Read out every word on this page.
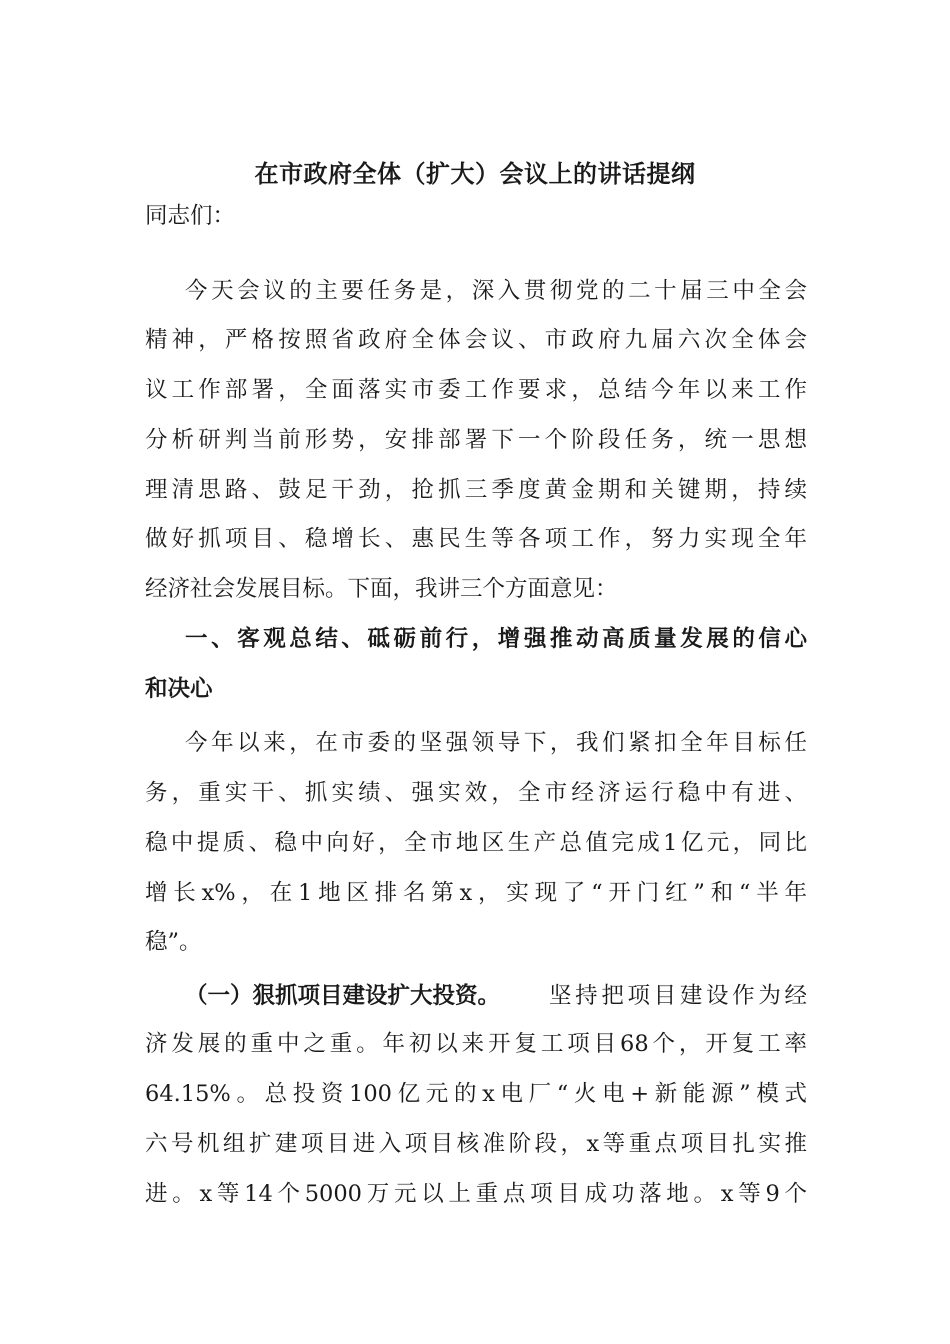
在市政府全体（扩大）会议上的讲话提纲
同志们：
今天会议的主要任务是，深入贯彻党的二十届三中全会
精神，严格按照省政府全体会议、市政府九届六次全体会
议工作部署，全面落实市委工作要求，总结今年以来工作
分析研判当前形势，安排部署下一个阶段任务，统一思想
理清思路、鼓足干劲，抢抓三季度黄金期和关键期，持续
做好抓项目、稳增长、惠民生等各项工作，努力实现全年
经济社会发展目标。下面，我讲三个方面意见：
一、客观总结、砥砺前行，增强推动高质量发展的信心
和决心
今年以来，在市委的坚强领导下，我们紧扣全年目标任
务，重实干、抓实绩、强实效，全市经济运行稳中有进、
稳中提质、稳中向好，全市地区生产总值完成1亿元，同比
增长x%，在1地区排名第x，实现了“开门红”和“半年
稳”。
（一）狠抓项目建设扩大投资。	坚持把项目建设作为经
济发展的重中之重。年初以来开复工项目68个，开复工率
64.15%。总投资100亿元的x电厂“火电+新能源”模式
六号机组扩建项目进入项目核准阶段，x等重点项目扎实推
进。x等14个5000万元以上重点项目成功落地。x等9个
